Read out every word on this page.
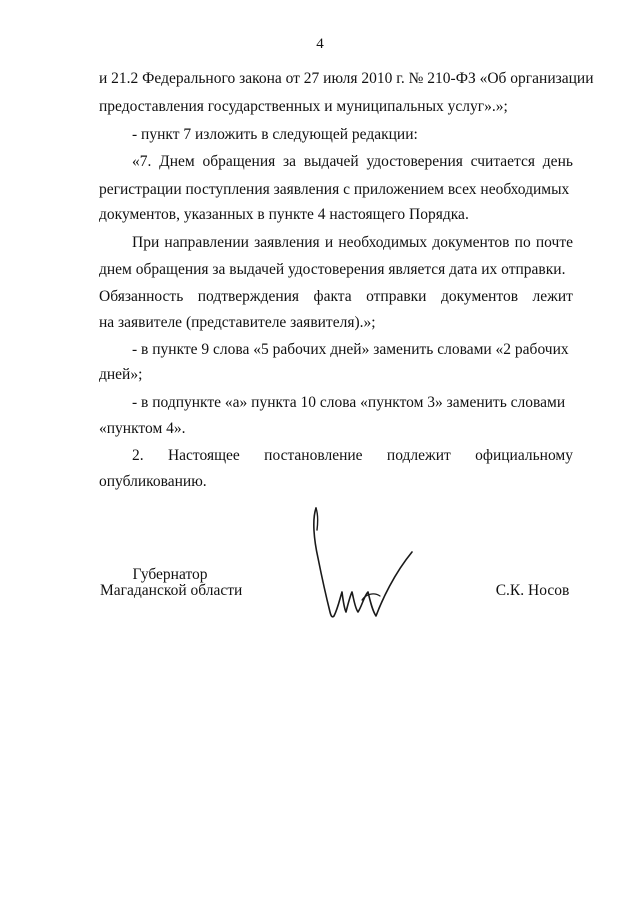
4
и 21.2 Федерального закона от 27 июля 2010 г. № 210-ФЗ «Об организации
предоставления государственных и муниципальных услуг».»;
- пункт 7 изложить в следующей редакции:
«7. Днем обращения за выдачей удостоверения считается день
регистрации поступления заявления с приложением всех необходимых
документов, указанных в пункте 4 настоящего Порядка.
При направлении заявления и необходимых документов по почте
днем обращения за выдачей удостоверения является дата их отправки.
Обязанность подтверждения факта отправки документов лежит
на заявителе (представителе заявителя).»;
- в пункте 9 слова «5 рабочих дней» заменить словами «2 рабочих
дней»;
- в подпункте «а» пункта 10 слова «пунктом 3» заменить словами
«пунктом 4».
2. Настоящее постановление подлежит официальному
опубликованию.
Губернатор
Магаданской области	С.К. Носов
